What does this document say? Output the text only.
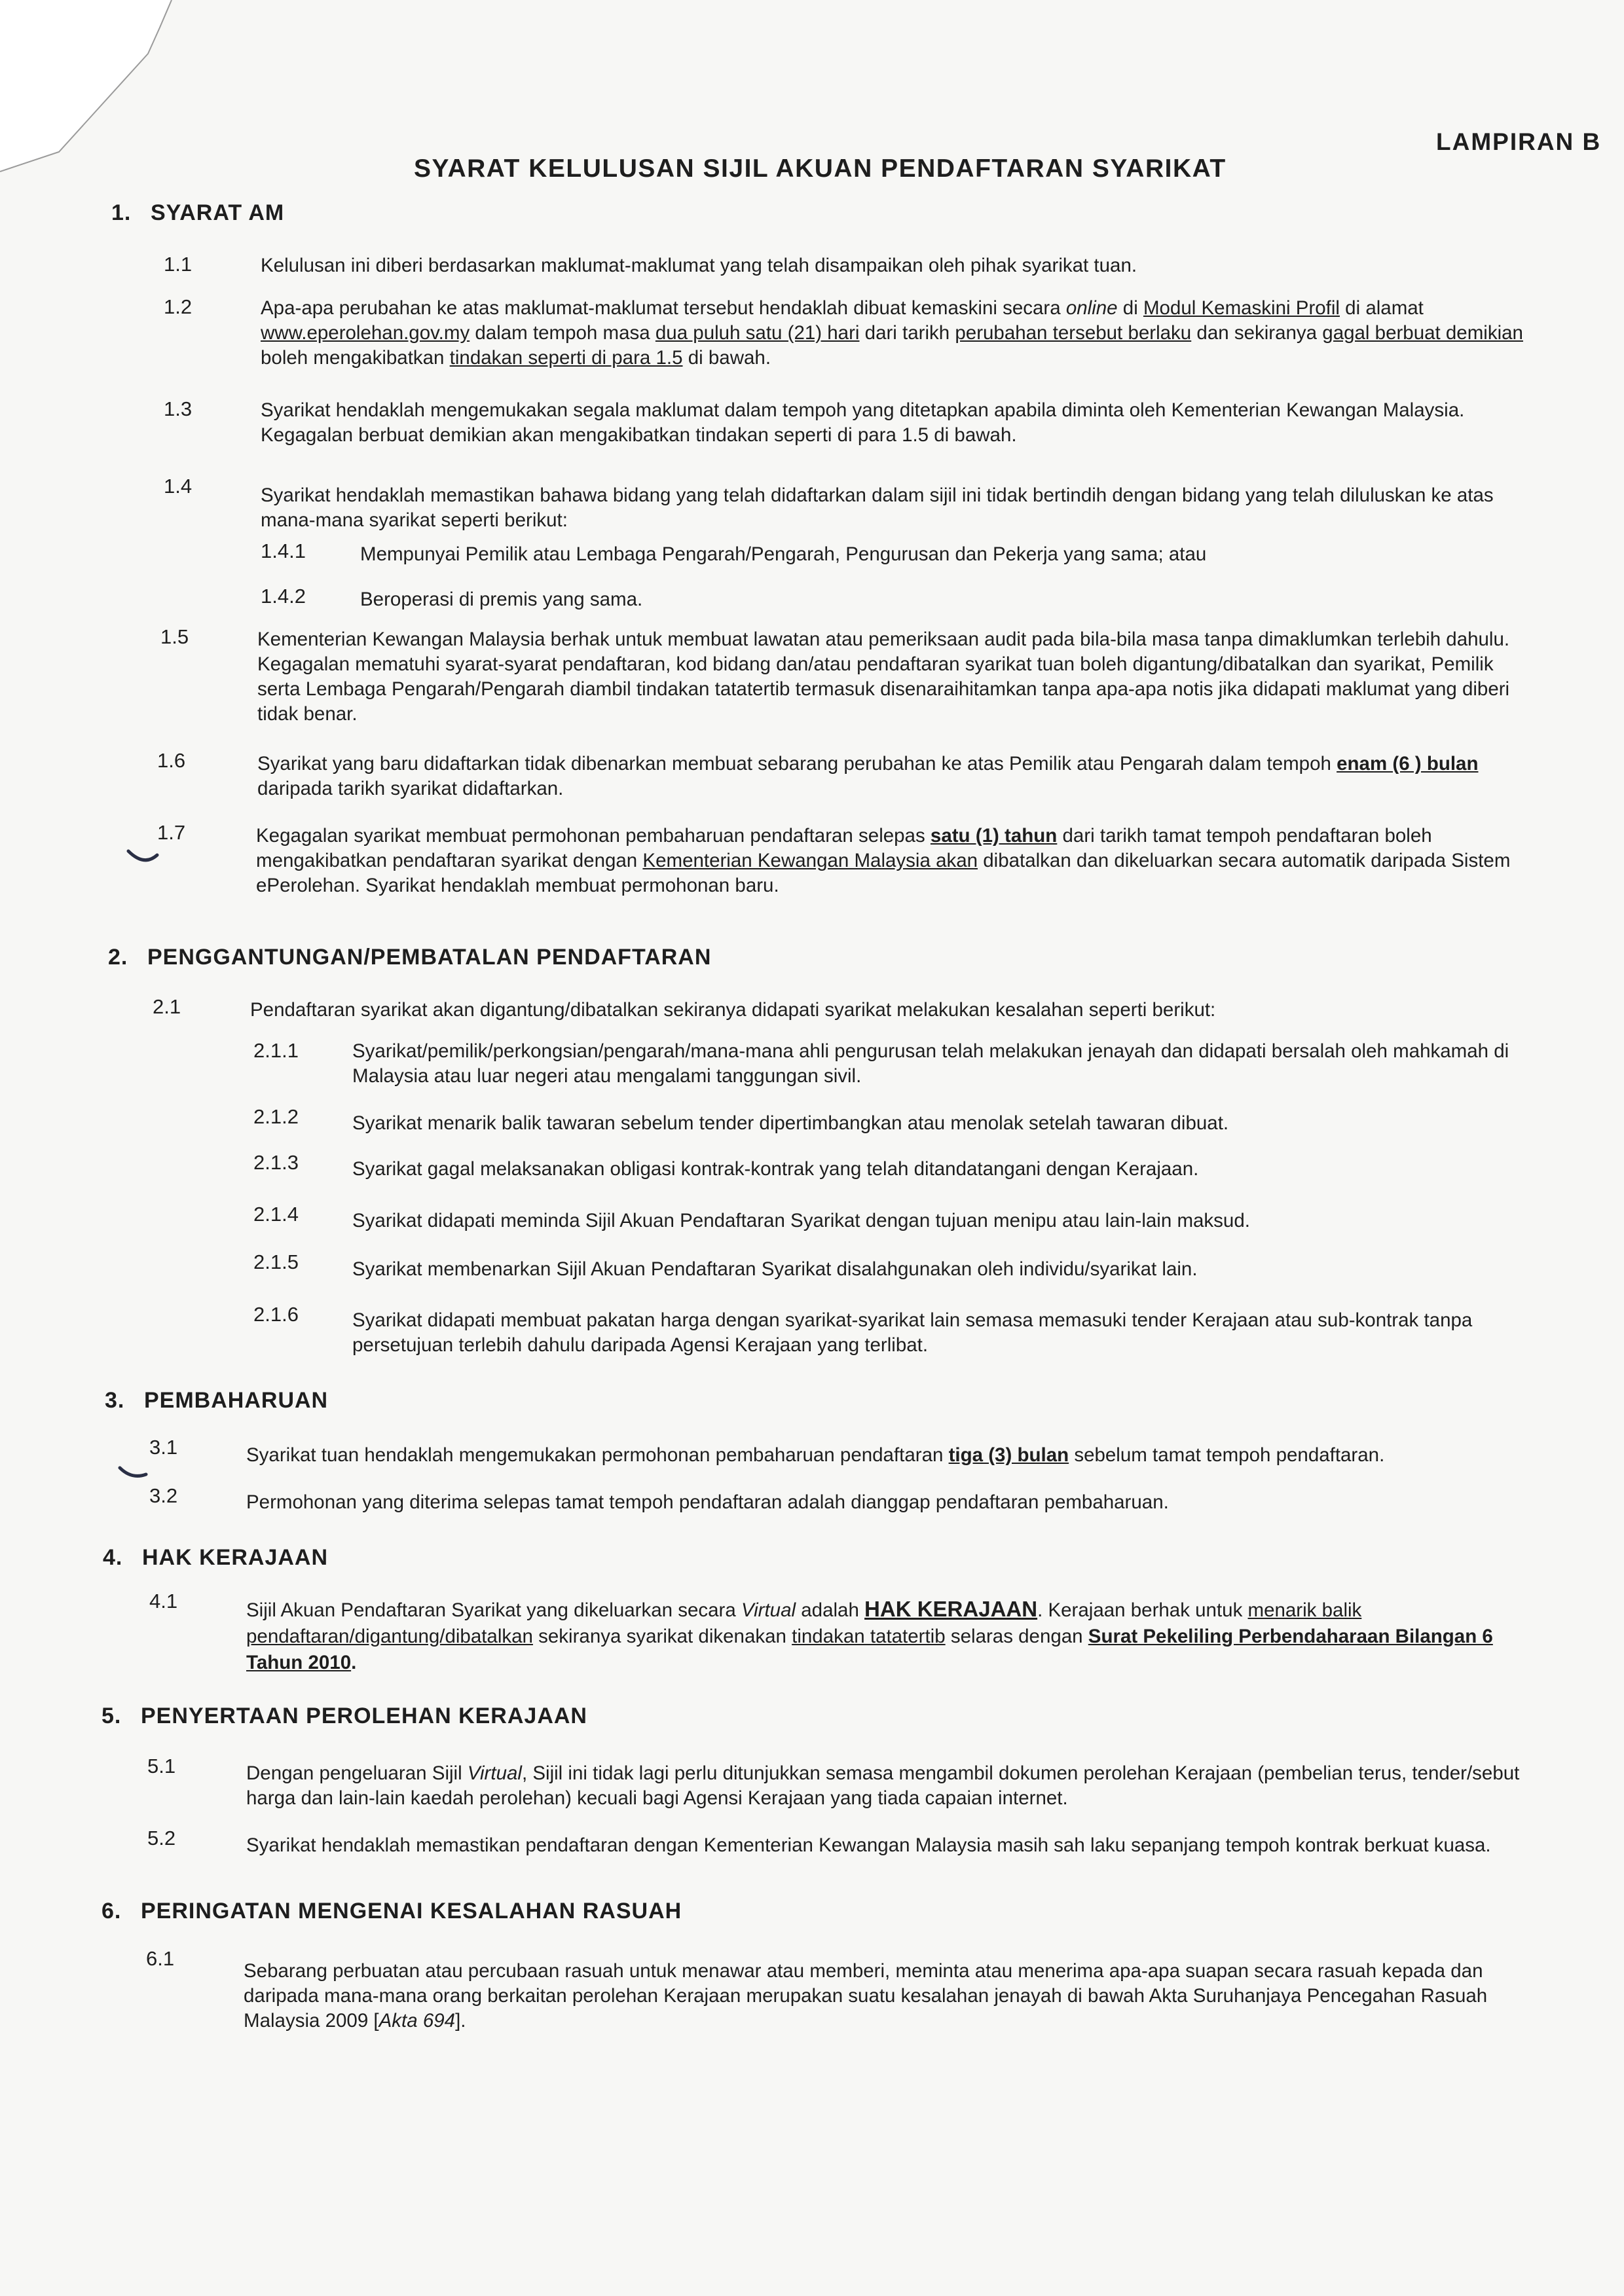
LAMPIRAN B
SYARAT KELULUSAN SIJIL AKUAN PENDAFTARAN SYARIKAT
1. SYARAT AM
1.1	Kelulusan ini diberi berdasarkan maklumat-maklumat yang telah disampaikan oleh pihak syarikat tuan.
1.2	Apa-apa perubahan ke atas maklumat-maklumat tersebut hendaklah dibuat kemaskini secara online di Modul Kemaskini Profil di alamat www.eperolehan.gov.my dalam tempoh masa dua puluh satu (21) hari dari tarikh perubahan tersebut berlaku dan sekiranya gagal berbuat demikian boleh mengakibatkan tindakan seperti di para 1.5 di bawah.
1.3	Syarikat hendaklah mengemukakan segala maklumat dalam tempoh yang ditetapkan apabila diminta oleh Kementerian Kewangan Malaysia. Kegagalan berbuat demikian akan mengakibatkan tindakan seperti di para 1.5 di bawah.
1.4	Syarikat hendaklah memastikan bahawa bidang yang telah didaftarkan dalam sijil ini tidak bertindih dengan bidang yang telah diluluskan ke atas mana-mana syarikat seperti berikut:
1.4.1	Mempunyai Pemilik atau Lembaga Pengarah/Pengarah, Pengurusan dan Pekerja yang sama; atau
1.4.2	Beroperasi di premis yang sama.
1.5	Kementerian Kewangan Malaysia berhak untuk membuat lawatan atau pemeriksaan audit pada bila-bila masa tanpa dimaklumkan terlebih dahulu. Kegagalan mematuhi syarat-syarat pendaftaran, kod bidang dan/atau pendaftaran syarikat tuan boleh digantung/dibatalkan dan syarikat, Pemilik serta Lembaga Pengarah/Pengarah diambil tindakan tatatertib termasuk disenaraihitamkan tanpa apa-apa notis jika didapati maklumat yang diberi tidak benar.
1.6	Syarikat yang baru didaftarkan tidak dibenarkan membuat sebarang perubahan ke atas Pemilik atau Pengarah dalam tempoh enam (6 ) bulan daripada tarikh syarikat didaftarkan.
1.7	Kegagalan syarikat membuat permohonan pembaharuan pendaftaran selepas satu (1) tahun dari tarikh tamat tempoh pendaftaran boleh mengakibatkan pendaftaran syarikat dengan Kementerian Kewangan Malaysia akan dibatalkan dan dikeluarkan secara automatik daripada Sistem ePerolehan. Syarikat hendaklah membuat permohonan baru.
2. PENGGANTUNGAN/PEMBATALAN PENDAFTARAN
2.1	Pendaftaran syarikat akan digantung/dibatalkan sekiranya didapati syarikat melakukan kesalahan seperti berikut:
2.1.1	Syarikat/pemilik/perkongsian/pengarah/mana-mana ahli pengurusan telah melakukan jenayah dan didapati bersalah oleh mahkamah di Malaysia atau luar negeri atau mengalami tanggungan sivil.
2.1.2	Syarikat menarik balik tawaran sebelum tender dipertimbangkan atau menolak setelah tawaran dibuat.
2.1.3	Syarikat gagal melaksanakan obligasi kontrak-kontrak yang telah ditandatangani dengan Kerajaan.
2.1.4	Syarikat didapati meminda Sijil Akuan Pendaftaran Syarikat dengan tujuan menipu atau lain-lain maksud.
2.1.5	Syarikat membenarkan Sijil Akuan Pendaftaran Syarikat disalahgunakan oleh individu/syarikat lain.
2.1.6	Syarikat didapati membuat pakatan harga dengan syarikat-syarikat lain semasa memasuki tender Kerajaan atau sub-kontrak tanpa persetujuan terlebih dahulu daripada Agensi Kerajaan yang terlibat.
3. PEMBAHARUAN
3.1	Syarikat tuan hendaklah mengemukakan permohonan pembaharuan pendaftaran tiga (3) bulan sebelum tamat tempoh pendaftaran.
3.2	Permohonan yang diterima selepas tamat tempoh pendaftaran adalah dianggap pendaftaran pembaharuan.
4. HAK KERAJAAN
4.1	Sijil Akuan Pendaftaran Syarikat yang dikeluarkan secara Virtual adalah HAK KERAJAAN. Kerajaan berhak untuk menarik balik pendaftaran/digantung/dibatalkan sekiranya syarikat dikenakan tindakan tatatertib selaras dengan Surat Pekeliling Perbendaharaan Bilangan 6 Tahun 2010.
5. PENYERTAAN PEROLEHAN KERAJAAN
5.1	Dengan pengeluaran Sijil Virtual, Sijil ini tidak lagi perlu ditunjukkan semasa mengambil dokumen perolehan Kerajaan (pembelian terus, tender/sebut harga dan lain-lain kaedah perolehan) kecuali bagi Agensi Kerajaan yang tiada capaian internet.
5.2	Syarikat hendaklah memastikan pendaftaran dengan Kementerian Kewangan Malaysia masih sah laku sepanjang tempoh kontrak berkuat kuasa.
6. PERINGATAN MENGENAI KESALAHAN RASUAH
6.1
Sebarang perbuatan atau percubaan rasuah untuk menawar atau memberi, meminta atau menerima apa-apa suapan secara rasuah kepada dan daripada mana-mana orang berkaitan perolehan Kerajaan merupakan suatu kesalahan jenayah di bawah Akta Suruhanjaya Pencegahan Rasuah Malaysia 2009 [Akta 694].
